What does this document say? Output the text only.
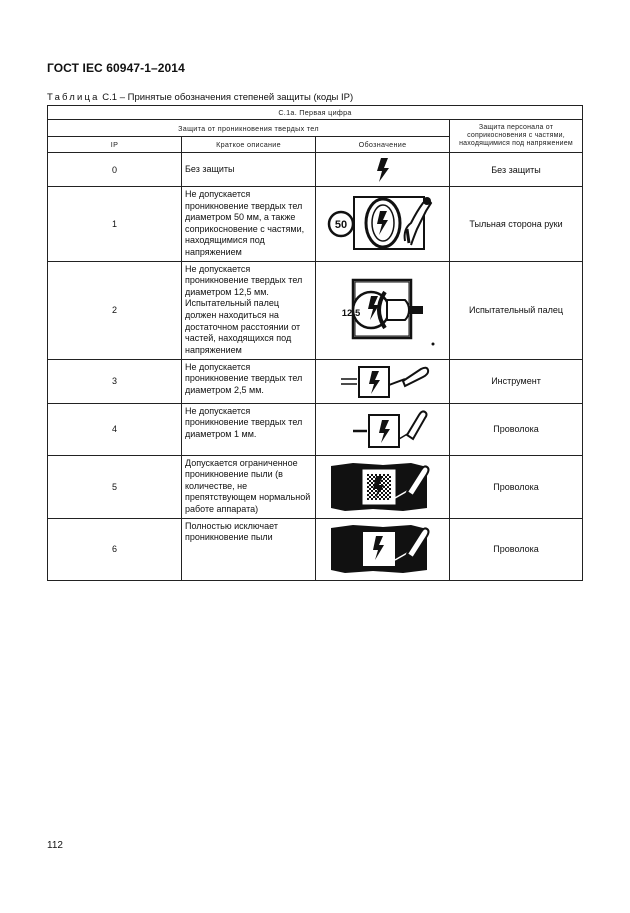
ГОСТ IEC 60947-1–2014
Таблица С.1 – Принятые обозначения степеней защиты (коды IP)
С.1а. Первая цифра			
Защита от проникновения твердых тел			Защита персонала от соприкосновения с частями, находящимися под напряжением
IP	Краткое описание	Обозначение	
0	Без защиты		Без защиты
1	Не допускается проникновение твердых тел диаметром 50 мм, а также соприкосновение с частями, находящимися под напряжением	50	Тыльная сторона руки
2	Не допускается проникновение твердых тел диаметром 12,5 мм. Испытательный палец должен находиться на достаточном расстоянии от частей, находящихся под напряжением	12,5	Испытательный палец
3	Не допускается проникновение твердых тел диаметром 2,5 мм.		Инструмент
4	Не допускается проникновение твердых тел диаметром 1 мм.		Проволока
5	Допускается ограниченное проникновение пыли (в количестве, не препятствующем нормальной работе аппарата)		Проволока
6	Полностью исключает проникновение пыли		Проволока
112
